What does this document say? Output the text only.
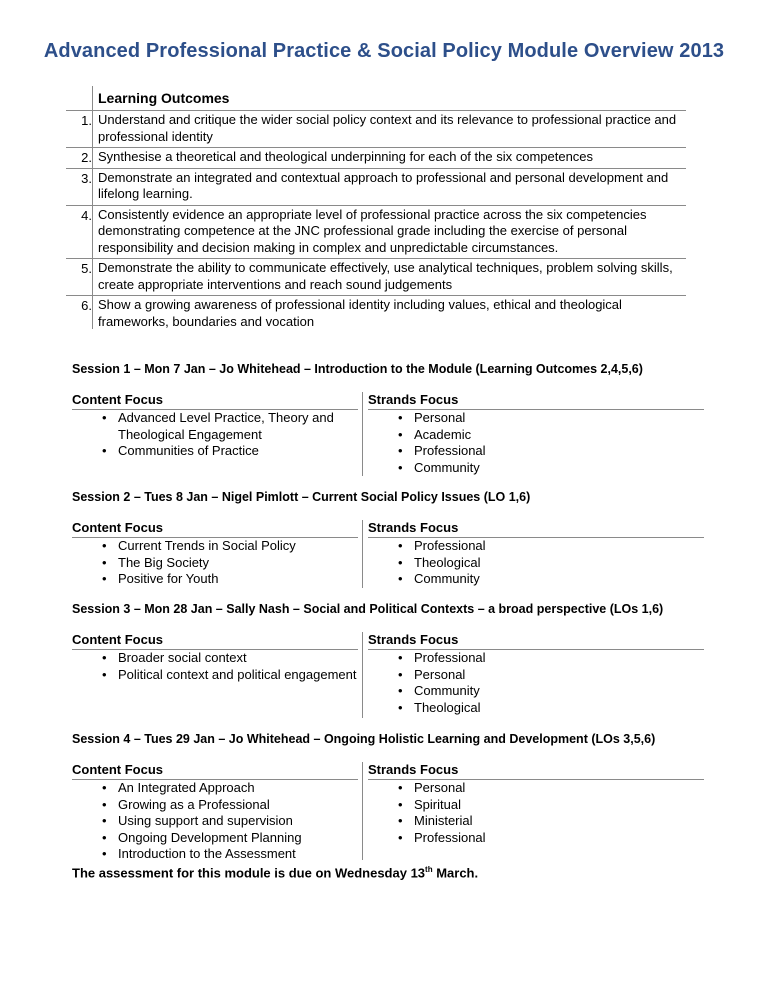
Advanced Professional Practice & Social Policy Module Overview 2013
Learning Outcomes
1. Understand and critique the wider social policy context and its relevance to professional practice and professional identity
2. Synthesise a theoretical and theological underpinning for each of the six competences
3. Demonstrate an integrated and contextual approach to professional and personal development and lifelong learning.
4. Consistently evidence an appropriate level of professional practice across the six competencies demonstrating competence at the JNC professional grade including the exercise of personal responsibility and decision making in complex and unpredictable circumstances.
5. Demonstrate the ability to communicate effectively, use analytical techniques, problem solving skills, create appropriate interventions and reach sound judgements
6. Show a growing awareness of professional identity including values, ethical and theological frameworks, boundaries and vocation

Session 1 – Mon 7 Jan – Jo Whitehead – Introduction to the Module (Learning Outcomes 2,4,5,6)

Content Focus
• Advanced Level Practice, Theory and Theological Engagement
• Communities of Practice
Strands Focus
• Personal
• Academic
• Professional
• Community

Session 2 – Tues 8 Jan – Nigel Pimlott – Current Social Policy Issues (LO 1,6)

Content Focus
• Current Trends in Social Policy
• The Big Society
• Positive for Youth
Strands Focus
• Professional
• Theological
• Community

Session 3 – Mon 28 Jan – Sally Nash – Social and Political Contexts – a broad perspective (LOs 1,6)

Content Focus
• Broader social context
• Political context and political engagement
Strands Focus
• Professional
• Personal
• Community
• Theological

Session 4 – Tues 29 Jan – Jo Whitehead – Ongoing Holistic Learning and Development (LOs 3,5,6)

Content Focus
• An Integrated Approach
• Growing as a Professional
• Using support and supervision
• Ongoing Development Planning
• Introduction to the Assessment
Strands Focus
• Personal
• Spiritual
• Ministerial
• Professional
The assessment for this module is due on Wednesday 13th March.
